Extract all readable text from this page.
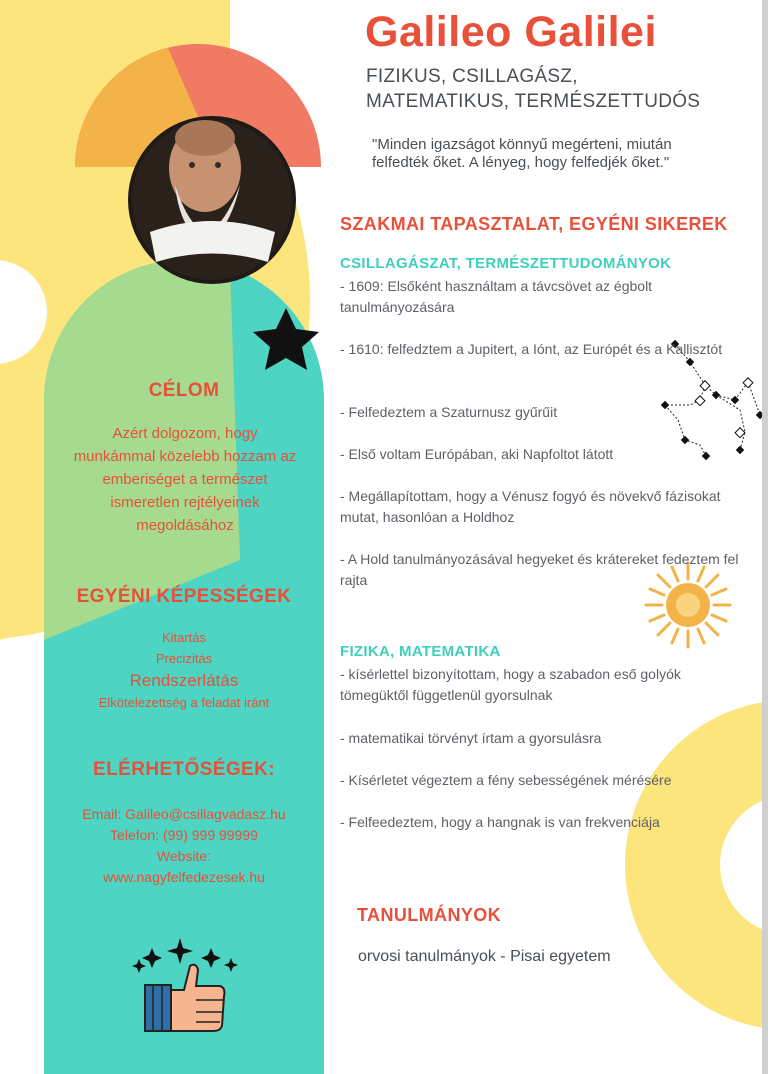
Galileo Galilei
FIZIKUS, CSILLAGÁSZ,
MATEMATIKUS, TERMÉSZETTUDÓS
"Minden igazságot könnyű megérteni, miután felfedték őket. A lényeg, hogy felfedjék őket."
SZAKMAI TAPASZTALAT, EGYÉNI SIKEREK
CSILLAGÁSZAT, TERMÉSZETTUDOMÁNYOK
- 1609: Elsőként használtam a távcsövet az égbolt tanulmányozására
- 1610: felfedztem a Jupitert, a Iónt, az Európét és a Kallisztót
- Felfedeztem a Szaturnusz gyűrűit
- Első voltam Európában, aki Napfoltot látott
- Megállapítottam, hogy a Vénusz fogyó és növekvő fázisokat mutat, hasonlóan a Holdhoz
- A Hold tanulmányozásával hegyeket és krátereket fedeztem fel rajta
FIZIKA, MATEMATIKA
- kísérlettel bizonyítottam, hogy a szabadon eső golyók tömegüktől függetlenül gyorsulnak
- matematikai törvényt írtam a gyorsulásra
- Kísérletet végeztem a fény sebességének mérésére
- Felfeedeztem, hogy a hangnak is van frekvenciája
TANULMÁNYOK
orvosi tanulmányok - Pisai egyetem
CÉLOM
Azért dolgozom, hogy munkámmal közelebb hozzam az emberiséget a természet ismeretlen rejtélyeinek megoldásához
EGYÉNI KÉPESSÉGEK
Kitartás
Precizitás
Rendszerlátás
Elkötelezettség a feladat iránt
ELÉRHETŐSÉGEK:
Email: Galileo@csillagvadasz.hu
Telefon: (99) 999 99999
Website:
www.nagyfelfedezesek.hu
